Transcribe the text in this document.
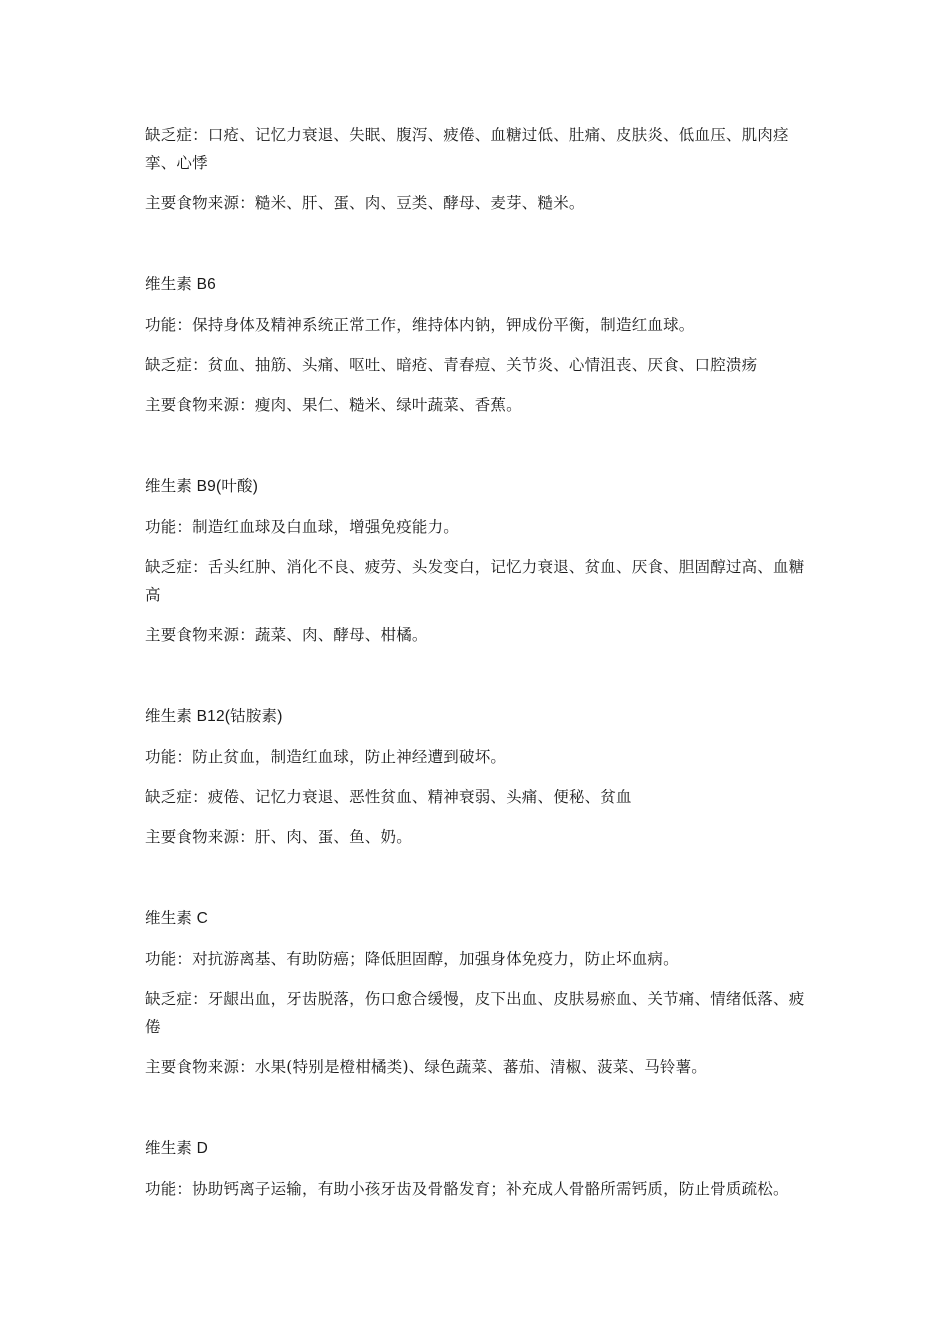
缺乏症：口疮、记忆力衰退、失眠、腹泻、疲倦、血糖过低、肚痛、皮肤炎、低血压、肌肉痉挛、心悸

主要食物来源：糙米、肝、蛋、肉、豆类、酵母、麦芽、糙米。

维生素 B6

功能：保持身体及精神系统正常工作，维持体内钠，钾成份平衡，制造红血球。

缺乏症：贫血、抽筋、头痛、呕吐、暗疮、青春痘、关节炎、心情沮丧、厌食、口腔溃疡

主要食物来源：瘦肉、果仁、糙米、绿叶蔬菜、香蕉。

维生素 B9(叶酸)

功能：制造红血球及白血球，增强免疫能力。

缺乏症：舌头红肿、消化不良、疲劳、头发变白，记忆力衰退、贫血、厌食、胆固醇过高、血糖高

主要食物来源：蔬菜、肉、酵母、柑橘。

维生素 B12(钴胺素)

功能：防止贫血，制造红血球，防止神经遭到破坏。

缺乏症：疲倦、记忆力衰退、恶性贫血、精神衰弱、头痛、便秘、贫血

主要食物来源：肝、肉、蛋、鱼、奶。

维生素 C

功能：对抗游离基、有助防癌；降低胆固醇，加强身体免疫力，防止坏血病。

缺乏症：牙龈出血，牙齿脱落，伤口愈合缓慢，皮下出血、皮肤易瘀血、关节痛、情绪低落、疲倦

主要食物来源：水果(特别是橙柑橘类)、绿色蔬菜、蕃茄、清椒、菠菜、马铃薯。

维生素 D

功能：协助钙离子运输，有助小孩牙齿及骨骼发育；补充成人骨骼所需钙质，防止骨质疏松。
